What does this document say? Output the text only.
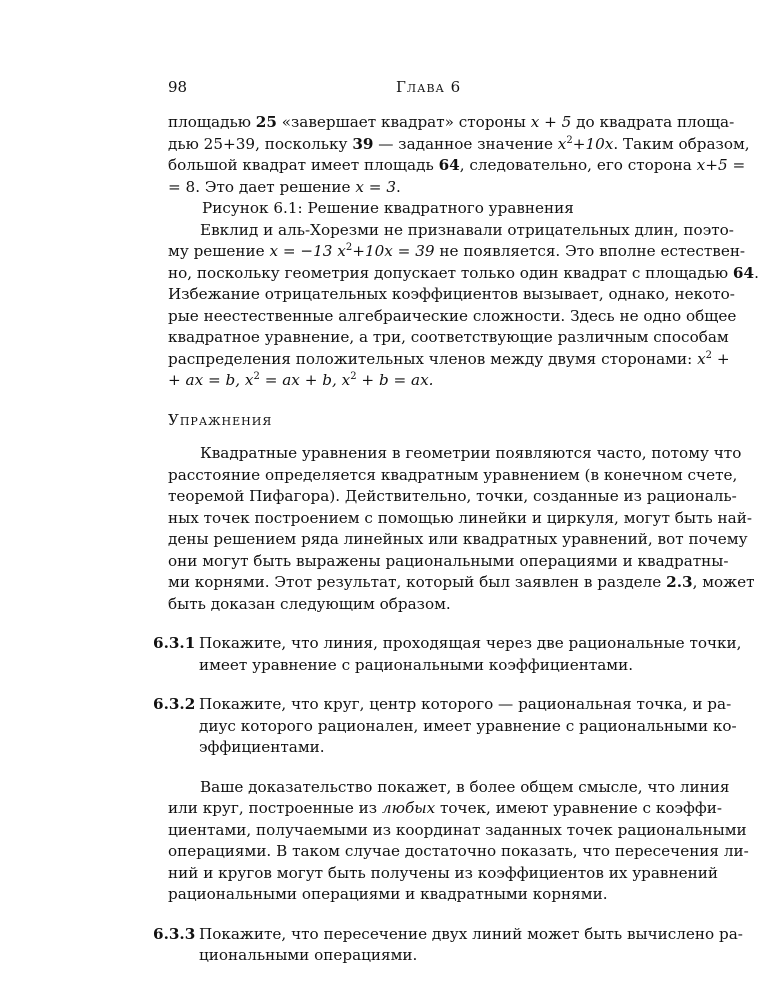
98	Глава 6
площадью 25 «завершает квадрат» стороны x + 5 до квадрата площа-
дью 25+39, поскольку 39 — заданное значение $x^2+10x$. Таким образом,
большой квадрат имеет площадь 64, следовательно, его сторона x+5 =
= 8. Это дает решение x = 3.
Рисунок 6.1: Решение квадратного уравнения
Евклид и аль-Хорезми не признавали отрицательных длин, поэто-
му решение x = −13 $x^2+10x = 39$ не появляется. Это вполне естествен-
но, поскольку геометрия допускает только один квадрат с площадью 64.
Избежание отрицательных коэффициентов вызывает, однако, некото-
рые неестественные алгебраические сложности. Здесь не одно общее
квадратное уравнение, а три, соответствующие различным способам
распределения положительных членов между двумя сторонами: $x^2$ +
+ ax = b, $x^2$ = ax + b, $x^2 + b$ = ax.
Упражнения
Квадратные уравнения в геометрии появляются часто, потому что
расстояние определяется квадратным уравнением (в конечном счете,
теоремой Пифагора). Действительно, точки, созданные из рациональ-
ных точек построением с помощью линейки и циркуля, могут быть най-
дены решением ряда линейных или квадратных уравнений, вот почему
они могут быть выражены рациональными операциями и квадратны-
ми корнями. Этот результат, который был заявлен в разделе 2.3, может
быть доказан следующим образом.
6.3.1 Покажите, что линия, проходящая через две рациональные точки,
имеет уравнение с рациональными коэффициентами.
6.3.2 Покажите, что круг, центр которого — рациональная точка, и ра-
диус которого рационален, имеет уравнение с рациональными ко-
эффициентами.
Ваше доказательство покажет, в более общем смысле, что линия
или круг, построенные из любых точек, имеют уравнение с коэффи-
циентами, получаемыми из координат заданных точек рациональными
операциями. В таком случае достаточно показать, что пересечения ли-
ний и кругов могут быть получены из коэффициентов их уравнений
рациональными операциями и квадратными корнями.
6.3.3 Покажите, что пересечение двух линий может быть вычислено ра-
циональными операциями.
